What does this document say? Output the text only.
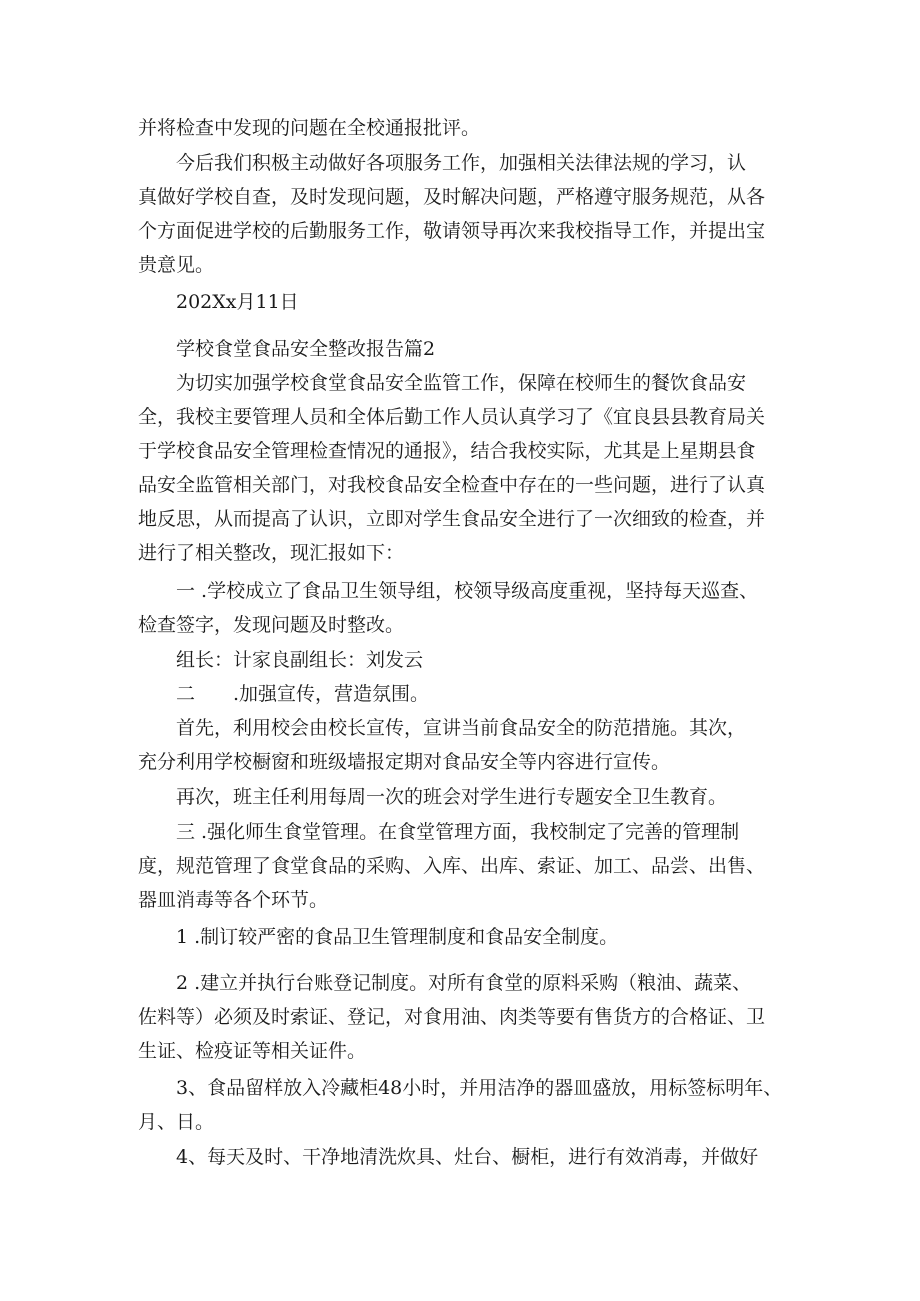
并将检查中发现的问题在全校通报批评。

今后我们积极主动做好各项服务工作，加强相关法律法规的学习，认
真做好学校自查，及时发现问题，及时解决问题，严格遵守服务规范，从各
个方面促进学校的后勤服务工作，敬请领导再次来我校指导工作，并提出宝
贵意见。

202Xx月11日

学校食堂食品安全整改报告篇2

为切实加强学校食堂食品安全监管工作，保障在校师生的餐饮食品安
全，我校主要管理人员和全体后勤工作人员认真学习了《宜良县县教育局关
于学校食品安全管理检查情况的通报》，结合我校实际，尤其是上星期县食
品安全监管相关部门，对我校食品安全检查中存在的一些问题，进行了认真
地反思，从而提高了认识，立即对学生食品安全进行了一次细致的检查，并
进行了相关整改，现汇报如下：

一 .学校成立了食品卫生领导组，校领导级高度重视，坚持每天巡查、
检查签字，发现问题及时整改。

组长：计家良副组长：刘发云

二　　.加强宣传，营造氛围。

首先，利用校会由校长宣传，宣讲当前食品安全的防范措施。其次，
充分利用学校橱窗和班级墙报定期对食品安全等内容进行宣传。

再次，班主任利用每周一次的班会对学生进行专题安全卫生教育。

三 .强化师生食堂管理。在食堂管理方面，我校制定了完善的管理制
度，规范管理了食堂食品的采购、入库、出库、索证、加工、品尝、出售、
器皿消毒等各个环节。

1 .制订较严密的食品卫生管理制度和食品安全制度。

2 .建立并执行台账登记制度。对所有食堂的原料采购（粮油、蔬菜、
佐料等）必须及时索证、登记，对食用油、肉类等要有售货方的合格证、卫
生证、检疫证等相关证件。

3、食品留样放入冷藏柜48小时，并用洁净的器皿盛放，用标签标明年、
月、日。

4、每天及时、干净地清洗炊具、灶台、橱柜，进行有效消毒，并做好
